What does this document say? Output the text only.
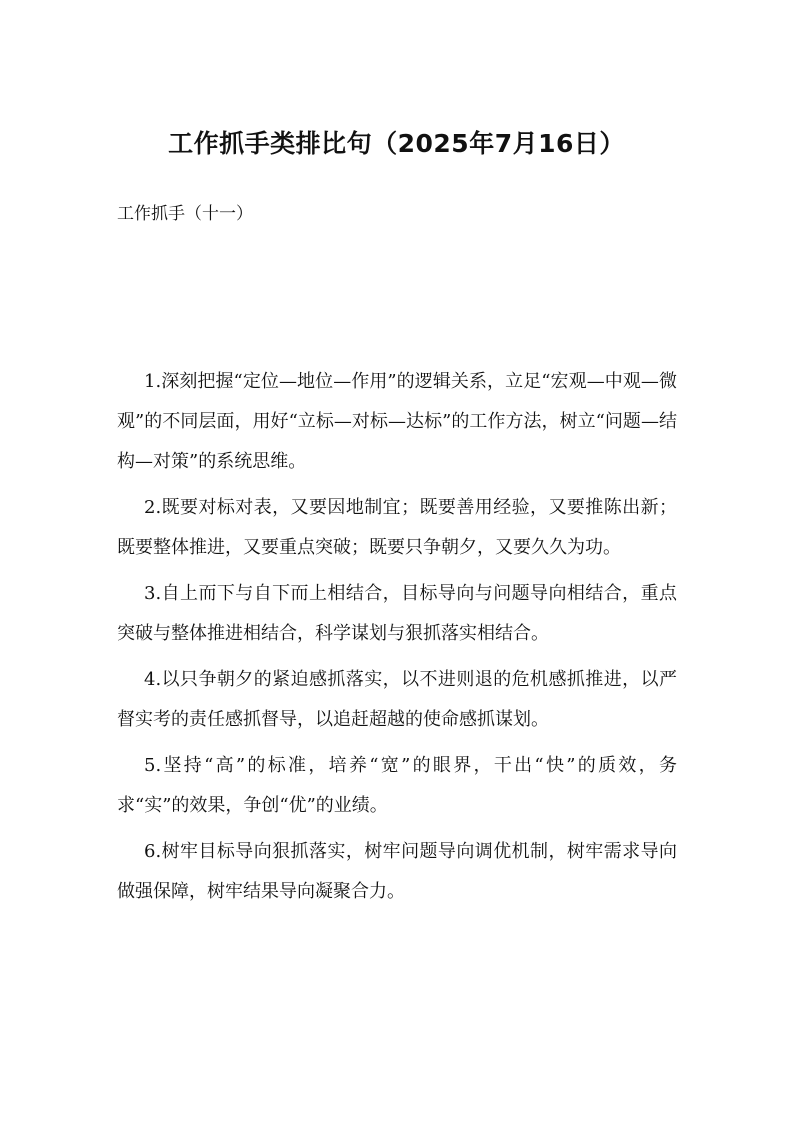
工作抓手类排比句（2025年7月16日）
工作抓手（十一）

1.深刻把握“定位—地位—作用”的逻辑关系，立足“宏观—中观—微观”的不同层面，用好“立标—对标—达标”的工作方法，树立“问题—结构—对策”的系统思维。

2.既要对标对表，又要因地制宜；既要善用经验，又要推陈出新；既要整体推进，又要重点突破；既要只争朝夕，又要久久为功。

3.自上而下与自下而上相结合，目标导向与问题导向相结合，重点突破与整体推进相结合，科学谋划与狠抓落实相结合。

4.以只争朝夕的紧迫感抓落实，以不进则退的危机感抓推进，以严督实考的责任感抓督导，以追赶超越的使命感抓谋划。

5.坚持“高”的标准，培养“宽”的眼界，干出“快”的质效，务求“实”的效果，争创“优”的业绩。

6.树牢目标导向狠抓落实，树牢问题导向调优机制，树牢需求导向做强保障，树牢结果导向凝聚合力。
